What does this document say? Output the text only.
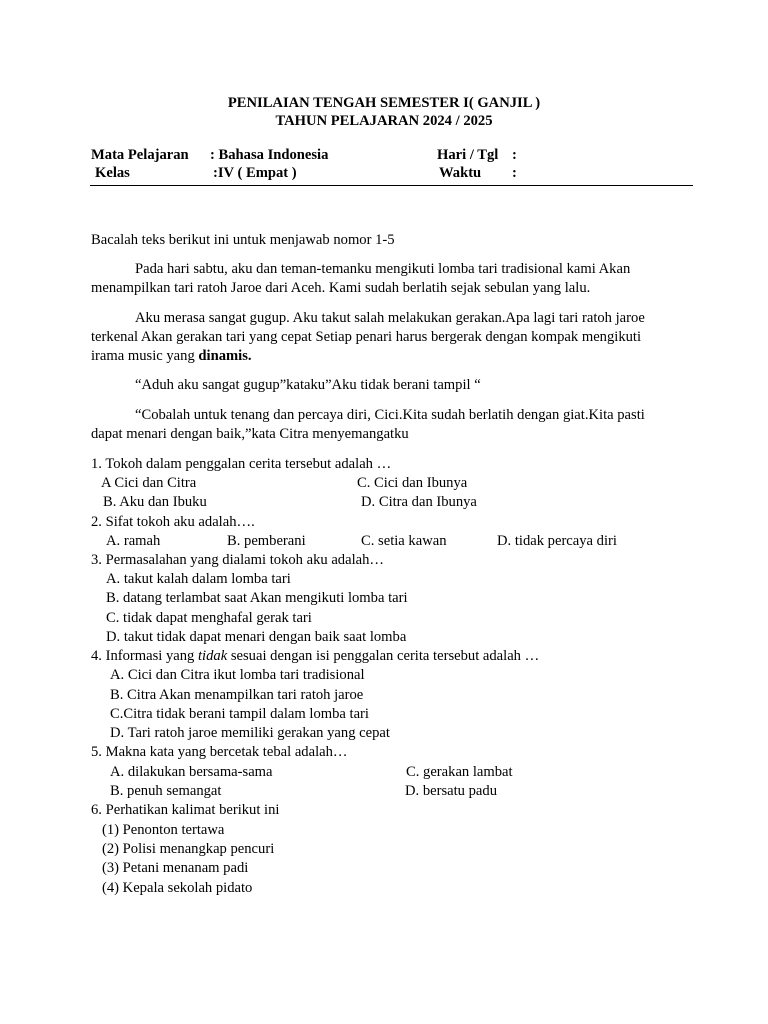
PENILAIAN TENGAH SEMESTER I( GANJIL )
TAHUN PELAJARAN 2024 / 2025
Mata Pelajaran : Bahasa Indonesia	Hari / Tgl :
Kelas	:IV ( Empat )	Waktu :
Bacalah teks berikut ini untuk menjawab nomor 1-5
Pada hari sabtu, aku dan teman-temanku mengikuti lomba tari tradisional kami Akan
menampilkan tari ratoh Jaroe dari Aceh. Kami sudah berlatih sejak sebulan yang lalu.
Aku merasa sangat gugup. Aku takut salah melakukan gerakan.Apa lagi tari ratoh jaroe
terkenal Akan gerakan tari yang cepat Setiap penari harus bergerak dengan kompak mengikuti
irama music yang dinamis.
“Aduh aku sangat gugup”kataku”Aku tidak berani tampil “
“Cobalah untuk tenang dan percaya diri, Cici.Kita sudah berlatih dengan giat.Kita pasti
dapat menari dengan baik,”kata Citra menyemangatku
1. Tokoh dalam penggalan cerita tersebut adalah …
A Cici dan Citra	C. Cici dan Ibunya
B. Aku dan Ibuku	D. Citra dan Ibunya
2. Sifat tokoh aku adalah….
A. ramah	B. pemberani	C. setia kawan	D. tidak percaya diri
3. Permasalahan yang dialami tokoh aku adalah…
A. takut kalah dalam lomba tari
B. datang terlambat saat Akan mengikuti lomba tari
C. tidak dapat menghafal gerak tari
D. takut tidak dapat menari dengan baik saat lomba
4. Informasi yang tidak sesuai dengan isi penggalan cerita tersebut adalah …
A. Cici dan Citra ikut lomba tari tradisional
B. Citra Akan menampilkan tari ratoh jaroe
C.Citra tidak berani tampil dalam lomba tari
D. Tari ratoh jaroe memiliki gerakan yang cepat
5. Makna kata yang bercetak tebal adalah…
A. dilakukan bersama-sama	C. gerakan lambat
B. penuh semangat	D. bersatu padu
6. Perhatikan kalimat berikut ini
(1) Penonton tertawa
(2) Polisi menangkap pencuri
(3) Petani menanam padi
(4) Kepala sekolah pidato
